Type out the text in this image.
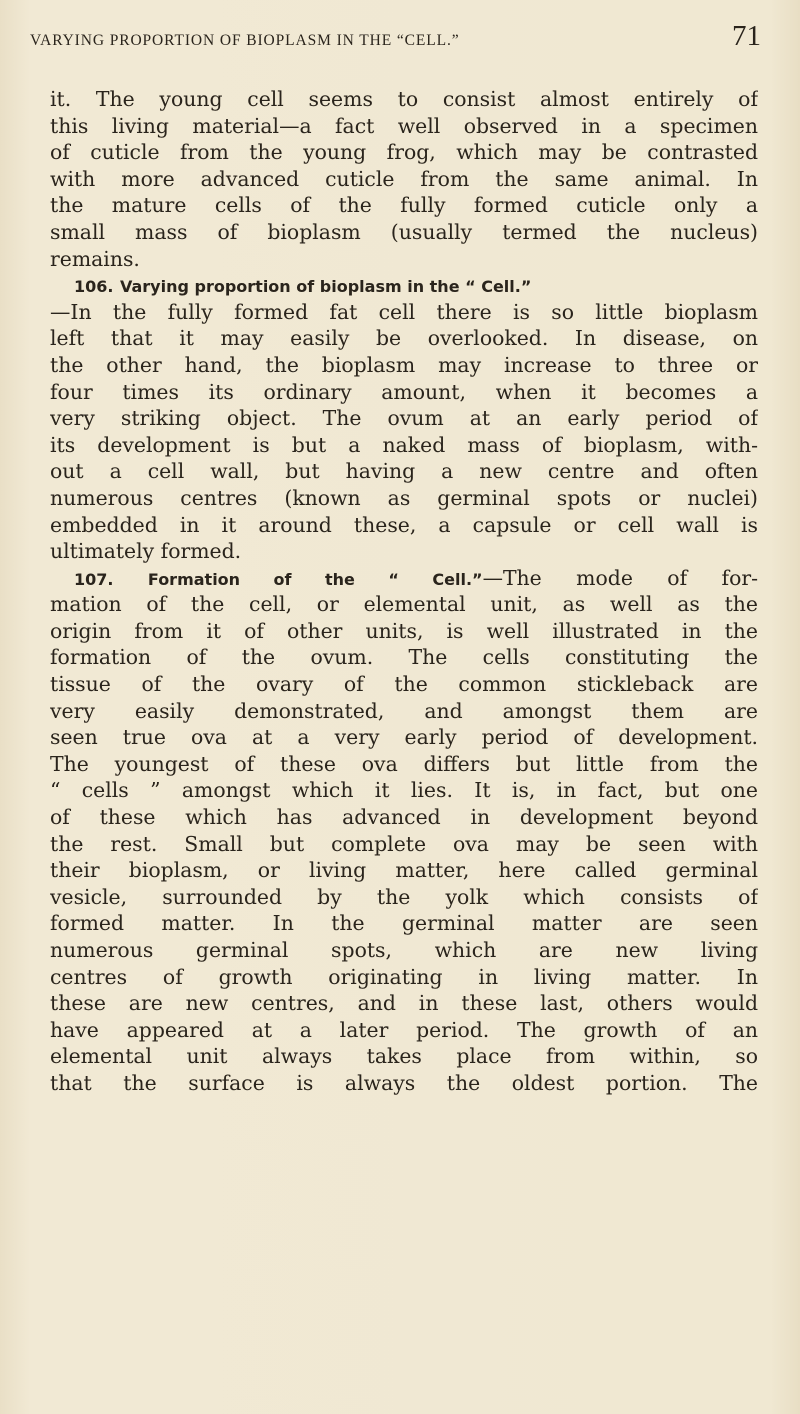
VARYING PROPORTION OF BIOPLASM IN THE “CELL.”	71
it. The young cell seems to consist almost entirely of
this living material—a fact well observed in a specimen
of cuticle from the young frog, which may be contrasted
with more advanced cuticle from the same animal. In
the mature cells of the fully formed cuticle only a
small mass of bioplasm (usually termed the nucleus)
remains.
106. Varying proportion of bioplasm in the “ Cell.”
—In the fully formed fat cell there is so little bioplasm
left that it may easily be overlooked. In disease, on
the other hand, the bioplasm may increase to three or
four times its ordinary amount, when it becomes a
very striking object. The ovum at an early period of
its development is but a naked mass of bioplasm, with-
out a cell wall, but having a new centre and often
numerous centres (known as germinal spots or nuclei)
embedded in it around these, a capsule or cell wall is
ultimately formed.
107. Formation of the “ Cell.”—The mode of for-
mation of the cell, or elemental unit, as well as the
origin from it of other units, is well illustrated in the
formation of the ovum. The cells constituting the
tissue of the ovary of the common stickleback are
very easily demonstrated, and amongst them are
seen true ova at a very early period of development.
The youngest of these ova differs but little from the
“ cells ” amongst which it lies. It is, in fact, but one
of these which has advanced in development beyond
the rest. Small but complete ova may be seen with
their bioplasm, or living matter, here called germinal
vesicle, surrounded by the yolk which consists of
formed matter. In the germinal matter are seen
numerous germinal spots, which are new living
centres of growth originating in living matter. In
these are new centres, and in these last, others would
have appeared at a later period. The growth of an
elemental unit always takes place from within, so
that the surface is always the oldest portion. The
